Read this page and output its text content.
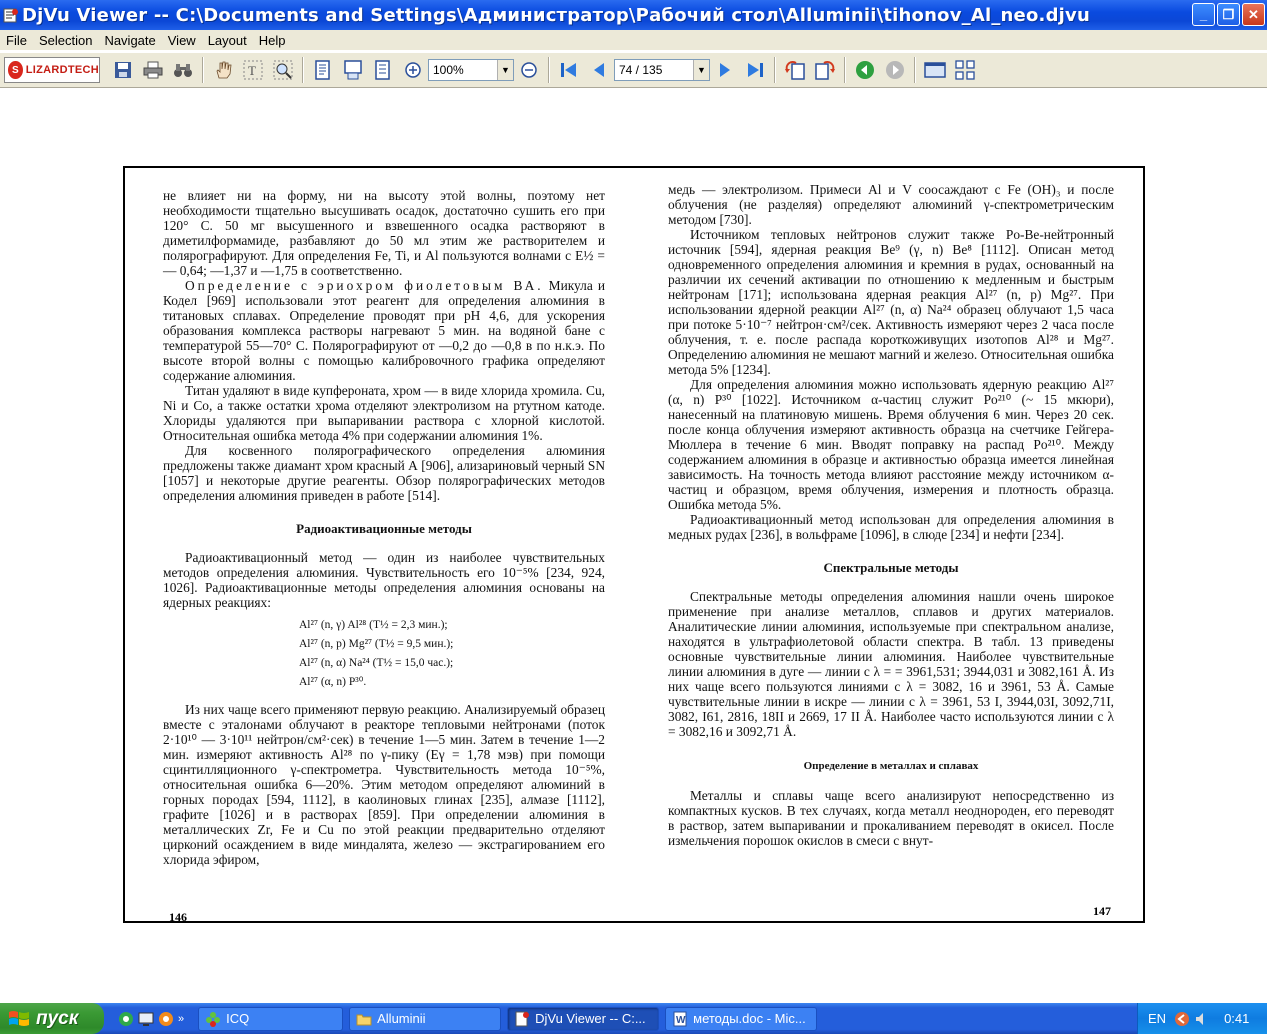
DjVu Viewer -- C:\Documents and Settings\Администратор\Рабочий стол\Alluminii\tihonov_Al_neo.djvu	_	❐	✕
File Selection Navigate View Layout Help
S LIZARDTECH	T	100%	▼	74 / 135	▼

не влияет ни на форму, ни на высоту этой волны, поэтому нет необходимости тщательно высушивать осадок, достаточно сушить его при 120° С. 50 мг высушенного и взвешенного осадка растворяют в диметилформамиде, разбавляют до 50 мл этим же растворителем и полярографируют. Для определения Fe, Ti, и Al пользуются волнами с E½ = — 0,64; —1,37 и —1,75 в соответственно.

Определение с эриохром фиолетовым ВА. Микула и Кодел [969] использовали этот реагент для определения алюминия в титановых сплавах. Определение проводят при pH 4,6, для ускорения образования комплекса растворы нагревают 5 мин. на водяной бане с температурой 55—70° С. Полярографируют от —0,2 до —0,8 в по н.к.э. По высоте второй волны с помощью калибровочного графика определяют содержание алюминия.

Титан удаляют в виде купфероната, хром — в виде хлорида хромила. Cu, Ni и Co, а также остатки хрома отделяют электролизом на ртутном катоде. Хлориды удаляются при выпаривании раствора с хлорной кислотой. Относительная ошибка метода 4% при содержании алюминия 1%.

Для косвенного полярографического определения алюминия предложены также диамант хром красный А [906], ализариновый черный SN [1057] и некоторые другие реагенты. Обзор полярографических методов определения алюминия приведен в работе [514].

Радиоактивационные методы

Радиоактивационный метод — один из наиболее чувствительных методов определения алюминия. Чувствительность его 10⁻⁵% [234, 924, 1026]. Радиоактивационные методы определения алюминия основаны на ядерных реакциях:

Al²⁷ (n, γ) Al²⁸ (T½ = 2,3 мин.);
Al²⁷ (n, p) Mg²⁷ (T½ = 9,5 мин.);
Al²⁷ (n, α) Na²⁴ (T½ = 15,0 час.);
Al²⁷ (α, n) P³⁰.

Из них чаще всего применяют первую реакцию. Анализируемый образец вместе с эталонами облучают в реакторе тепловыми нейтронами (поток 2·10¹⁰ — 3·10¹¹ нейтрон/см²·сек) в течение 1—5 мин. Затем в течение 1—2 мин. измеряют активность Al²⁸ по γ-пику (Eγ = 1,78 мэв) при помощи сцинтилляционного γ-спектрометра. Чувствительность метода 10⁻⁵%, относительная ошибка 6—20%. Этим методом определяют алюминий в горных породах [594, 1112], в каолиновых глинах [235], алмазе [1112], графите [1026] и в растворах [859]. При определении алюминия в металлических Zr, Fe и Cu по этой реакции предварительно отделяют цирконий осаждением в виде миндалята, железо — экстрагированием его хлорида эфиром,

146

медь — электролизом. Примеси Al и V соосаждают с Fe (OH)₃ и после облучения (не разделяя) определяют алюминий γ-спектрометрическим методом [730].

Источником тепловых нейтронов служит также Po-Be-нейтронный источник [594], ядерная реакция Be⁹ (γ, n) Be⁸ [1112]. Описан метод одновременного определения алюминия и кремния в рудах, основанный на различии их сечений активации по отношению к медленным и быстрым нейтронам [171]; использована ядерная реакция Al²⁷ (n, p) Mg²⁷. При использовании ядерной реакции Al²⁷ (n, α) Na²⁴ образец облучают 1,5 часа при потоке 5·10⁻⁷ нейтрон·см²/сек. Активность измеряют через 2 часа после облучения, т. е. после распада короткоживущих изотопов Al²⁸ и Mg²⁷. Определению алюминия не мешают магний и железо. Относительная ошибка метода 5% [1234].

Для определения алюминия можно использовать ядерную реакцию Al²⁷ (α, n) P³⁰ [1022]. Источником α-частиц служит Po²¹⁰ (~ 15 мкюри), нанесенный на платиновую мишень. Время облучения 6 мин. Через 20 сек. после конца облучения измеряют активность образца на счетчике Гейгера-Мюллера в течение 6 мин. Вводят поправку на распад Po²¹⁰. Между содержанием алюминия в образце и активностью образца имеется линейная зависимость. На точность метода влияют расстояние между источником α-частиц и образцом, время облучения, измерения и плотность образца. Ошибка метода 5%.

Радиоактивационный метод использован для определения алюминия в медных рудах [236], в вольфраме [1096], в слюде [234] и нефти [234].

Спектральные методы

Спектральные методы определения алюминия нашли очень широкое применение при анализе металлов, сплавов и других материалов. Аналитические линии алюминия, используемые при спектральном анализе, находятся в ультрафиолетовой области спектра. В табл. 13 приведены основные чувствительные линии алюминия. Наиболее чувствительные линии алюминия в дуге — линии с λ = = 3961,531; 3944,031 и 3082,161 Å. Из них чаще всего пользуются линиями с λ = 3082, 16 и 3961, 53 Å. Самые чувствительные линии в искре — линии с λ = 3961, 53 I, 3944,03I, 3092,71I, 3082, I61, 2816, 18II и 2669, 17 II Å. Наиболее часто используются линии с λ = 3082,16 и 3092,71 Å.

Определение в металлах и сплавах

Металлы и сплавы чаще всего анализируют непосредственно из компактных кусков. В тех случаях, когда металл неоднороден, его переводят в раствор, затем выпаривании и прокаливанием переводят в окисел. После измельчения порошок окислов в смеси с внут-

147
пуск	»	ICQ	Alluminii	DjVu Viewer -- C:...	W методы.doc - Mic...	EN	0:41
